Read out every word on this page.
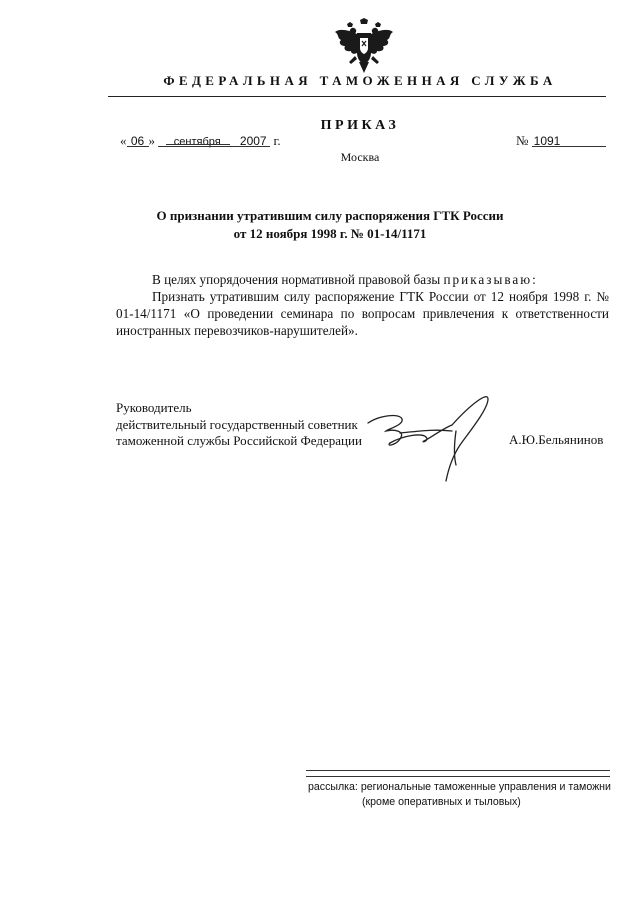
ФЕДЕРАЛЬНАЯ ТАМОЖЕННАЯ СЛУЖБА
ПРИКАЗ
« 06 » сентября 2007 г.	№ 1091
Москва
О признании утратившим силу распоряжения ГТК России
от 12 ноября 1998 г. № 01-14/1171
В целях упорядочения нормативной правовой базы приказываю:
Признать утратившим силу распоряжение ГТК России от 12 ноября 1998 г. № 01-14/1171 «О проведении семинара по вопросам привлечения к ответственности иностранных перевозчиков-нарушителей».
Руководитель
действительный государственный советник
таможенной службы Российской Федерации	А.Ю.Бельянинов
рассылка: региональные таможенные управления и таможни
(кроме оперативных и тыловых)
